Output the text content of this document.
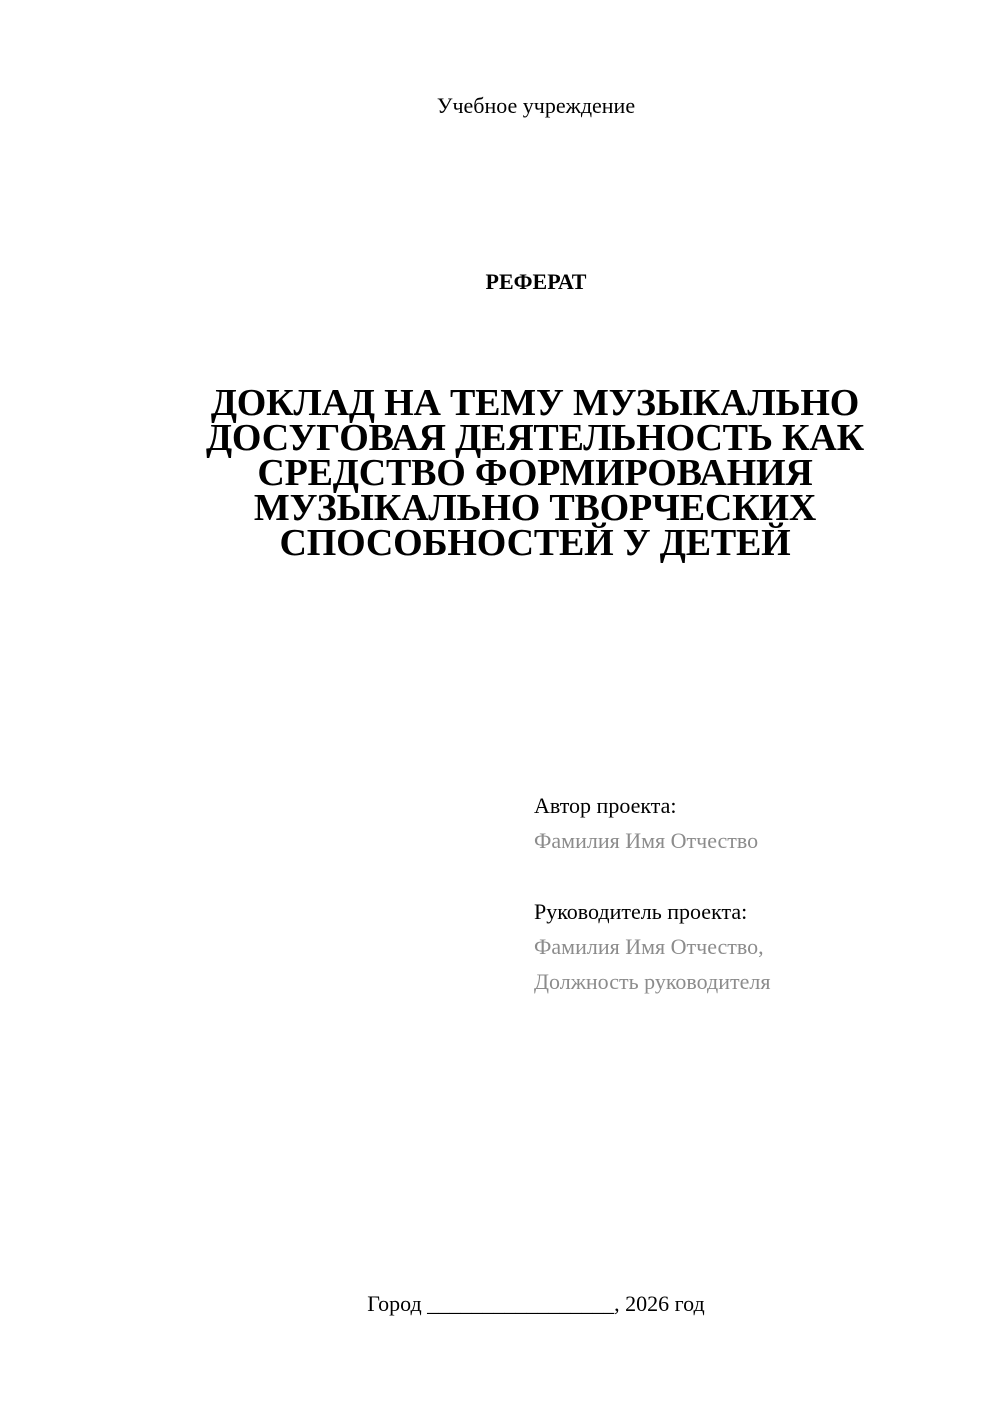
Учебное учреждение
РЕФЕРАТ
ДОКЛАД НА ТЕМУ МУЗЫКАЛЬНО
ДОСУГОВАЯ ДЕЯТЕЛЬНОСТЬ КАК
СРЕДСТВО ФОРМИРОВАНИЯ
МУЗЫКАЛЬНО ТВОРЧЕСКИХ
СПОСОБНОСТЕЙ У ДЕТЕЙ
Автор проекта:
Фамилия Имя Отчество
Руководитель проекта:
Фамилия Имя Отчество,
Должность руководителя
Город _________________, 2026 год
